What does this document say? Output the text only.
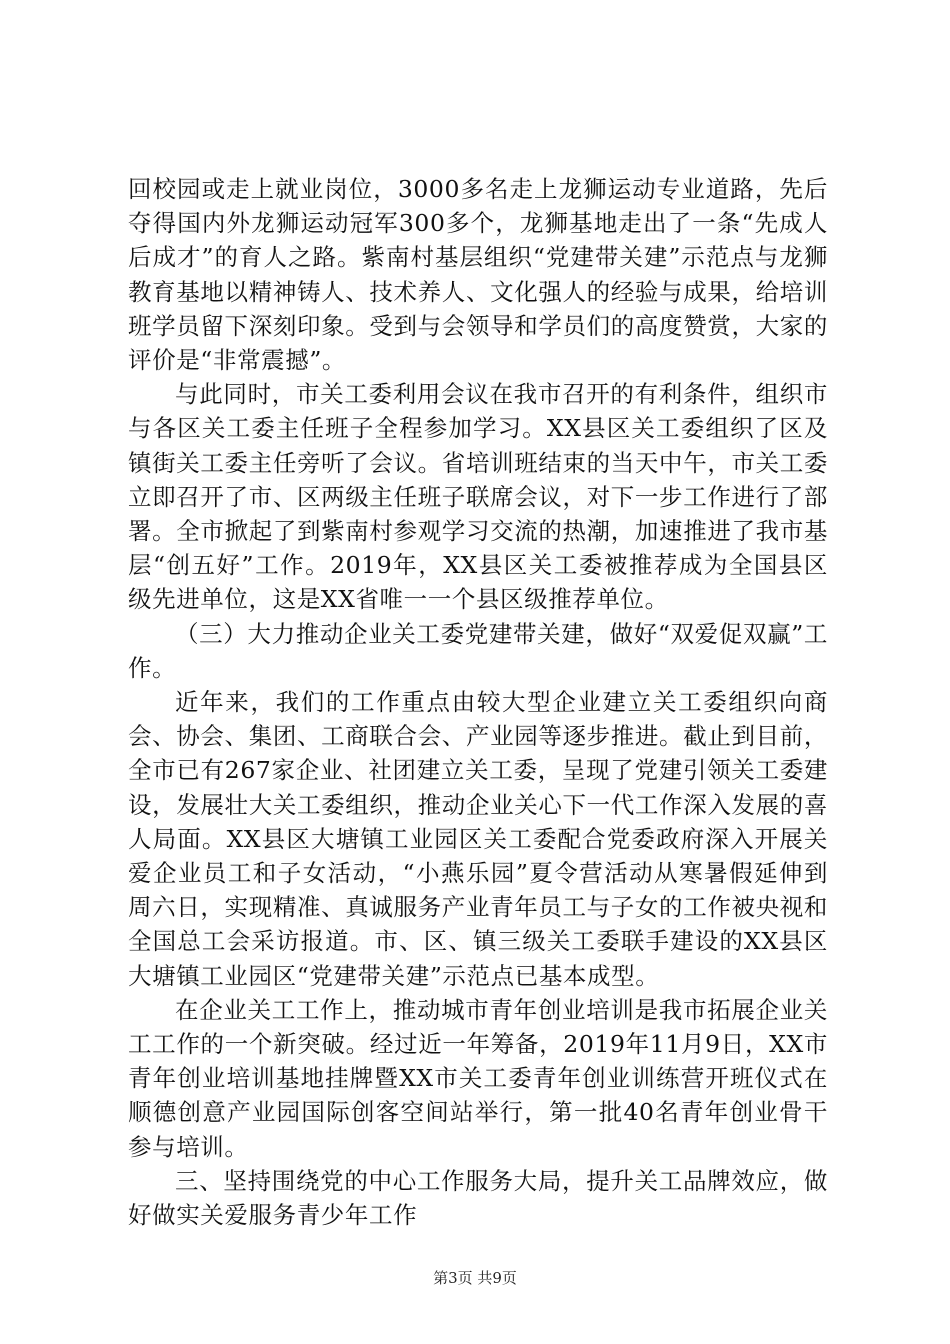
回校园或走上就业岗位，3000多名走上龙狮运动专业道路，先后夺得国内外龙狮运动冠军300多个，龙狮基地走出了一条“先成人后成才”的育人之路。紫南村基层组织“党建带关建”示范点与龙狮教育基地以精神铸人、技术养人、文化强人的经验与成果，给培训班学员留下深刻印象。受到与会领导和学员们的高度赞赏，大家的评价是“非常震撼”。

与此同时，市关工委利用会议在我市召开的有利条件，组织市与各区关工委主任班子全程参加学习。XX县区关工委组织了区及镇街关工委主任旁听了会议。省培训班结束的当天中午，市关工委立即召开了市、区两级主任班子联席会议，对下一步工作进行了部署。全市掀起了到紫南村参观学习交流的热潮，加速推进了我市基层“创五好”工作。2019年，XX县区关工委被推荐成为全国县区级先进单位，这是XX省唯一一个县区级推荐单位。

（三）大力推动企业关工委党建带关建，做好“双爱促双赢”工作。

近年来，我们的工作重点由较大型企业建立关工委组织向商会、协会、集团、工商联合会、产业园等逐步推进。截止到目前，全市已有267家企业、社团建立关工委，呈现了党建引领关工委建设，发展壮大关工委组织，推动企业关心下一代工作深入发展的喜人局面。XX县区大塘镇工业园区关工委配合党委政府深入开展关爱企业员工和子女活动，“小燕乐园”夏令营活动从寒暑假延伸到周六日，实现精准、真诚服务产业青年员工与子女的工作被央视和全国总工会采访报道。市、区、镇三级关工委联手建设的XX县区大塘镇工业园区“党建带关建”示范点已基本成型。

在企业关工工作上，推动城市青年创业培训是我市拓展企业关工工作的一个新突破。经过近一年筹备，2019年11月9日，XX市青年创业培训基地挂牌暨XX市关工委青年创业训练营开班仪式在顺德创意产业园国际创客空间站举行，第一批40名青年创业骨干参与培训。

三、坚持围绕党的中心工作服务大局，提升关工品牌效应，做好做实关爱服务青少年工作

第3页 共9页
